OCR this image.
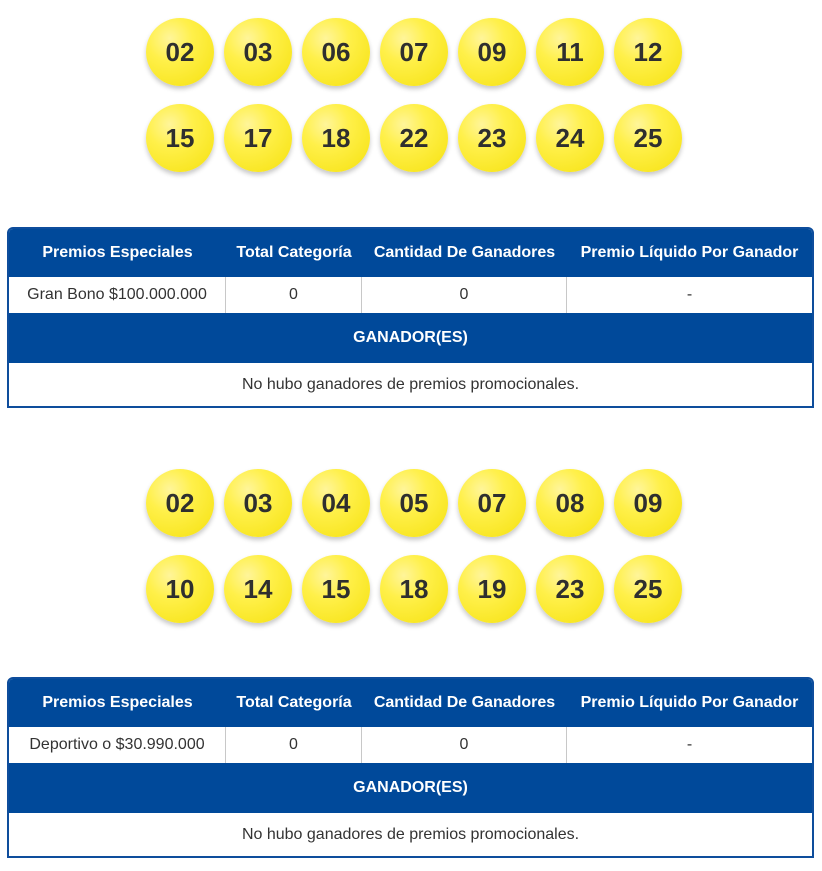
02	03	06	07	09	11	12
15	17	18	22	23	24	25
Premios Especiales	Total Categoría	Cantidad De Ganadores	Premio Líquido Por Ganador
Gran Bono $100.000.000	0	0	-
GANADOR(ES)			
No hubo ganadores de premios promocionales.			
02	03	04	05	07	08	09
10	14	15	18	19	23	25
Premios Especiales	Total Categoría	Cantidad De Ganadores	Premio Líquido Por Ganador
Deportivo o $30.990.000	0	0	-
GANADOR(ES)			
No hubo ganadores de premios promocionales.			
